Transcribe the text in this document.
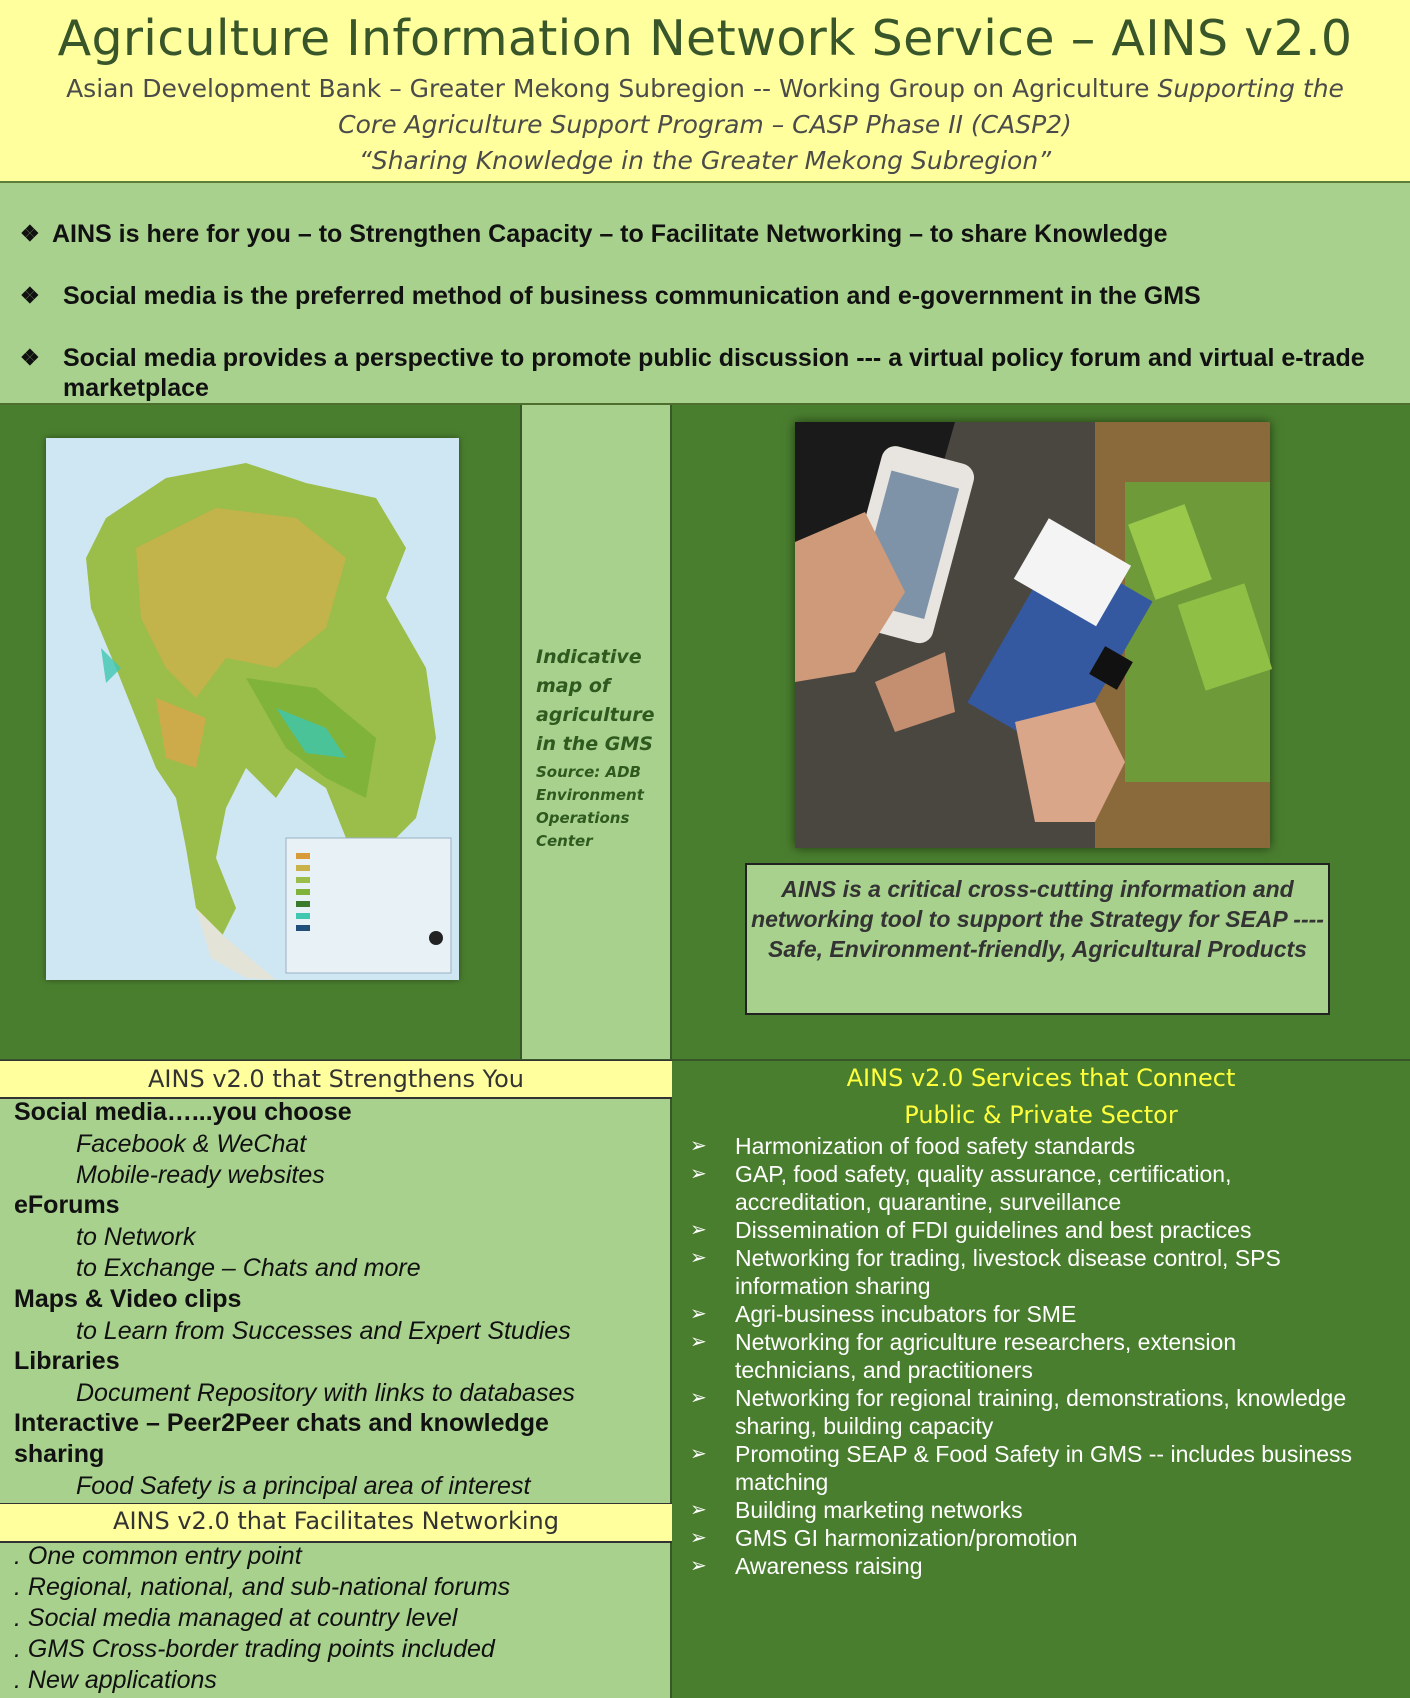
Agriculture Information Network Service – AINS v2.0
Asian Development Bank – Greater Mekong Subregion -- Working Group on Agriculture Supporting the
Core Agriculture Support Program – CASP Phase II (CASP2)
“Sharing Knowledge in the Greater Mekong Subregion”
❖ AINS is here for you – to Strengthen Capacity – to Facilitate Networking – to share Knowledge
❖ Social media is the preferred method of business communication and e-government in the GMS
❖ Social media provides a perspective to promote public discussion --- a virtual policy forum and virtual e-trade marketplace
Indicative map of agriculture in the GMS
Source: ADB Environment Operations Center
AINS is a critical cross-cutting information and networking tool to support the Strategy for SEAP ---- Safe, Environment-friendly, Agricultural Products
AINS v2.0 that Strengthens You
Social media…...you choose
Facebook & WeChat
Mobile-ready websites
eForums
to Network
to Exchange – Chats and more
Maps & Video clips
to Learn from Successes and Expert Studies
Libraries
Document Repository with links to databases
Interactive – Peer2Peer chats and knowledge
sharing
Food Safety is a principal area of interest
AINS v2.0 that Facilitates Networking
. One common entry point
. Regional, national, and sub-national forums
. Social media managed at country level
. GMS Cross-border trading points included
. New applications
AINS v2.0 Services that Connect
Public & Private Sector
➢ Harmonization of food safety standards
➢ GAP, food safety, quality assurance, certification,
accreditation, quarantine, surveillance
➢ Dissemination of FDI guidelines and best practices
➢ Networking for trading, livestock disease control, SPS
information sharing
➢ Agri-business incubators for SME
➢ Networking for agriculture researchers, extension
technicians, and practitioners
➢ Networking for regional training, demonstrations, knowledge
sharing, building capacity
➢ Promoting SEAP & Food Safety in GMS -- includes business
matching
➢ Building marketing networks
➢ GMS GI harmonization/promotion
➢ Awareness raising
